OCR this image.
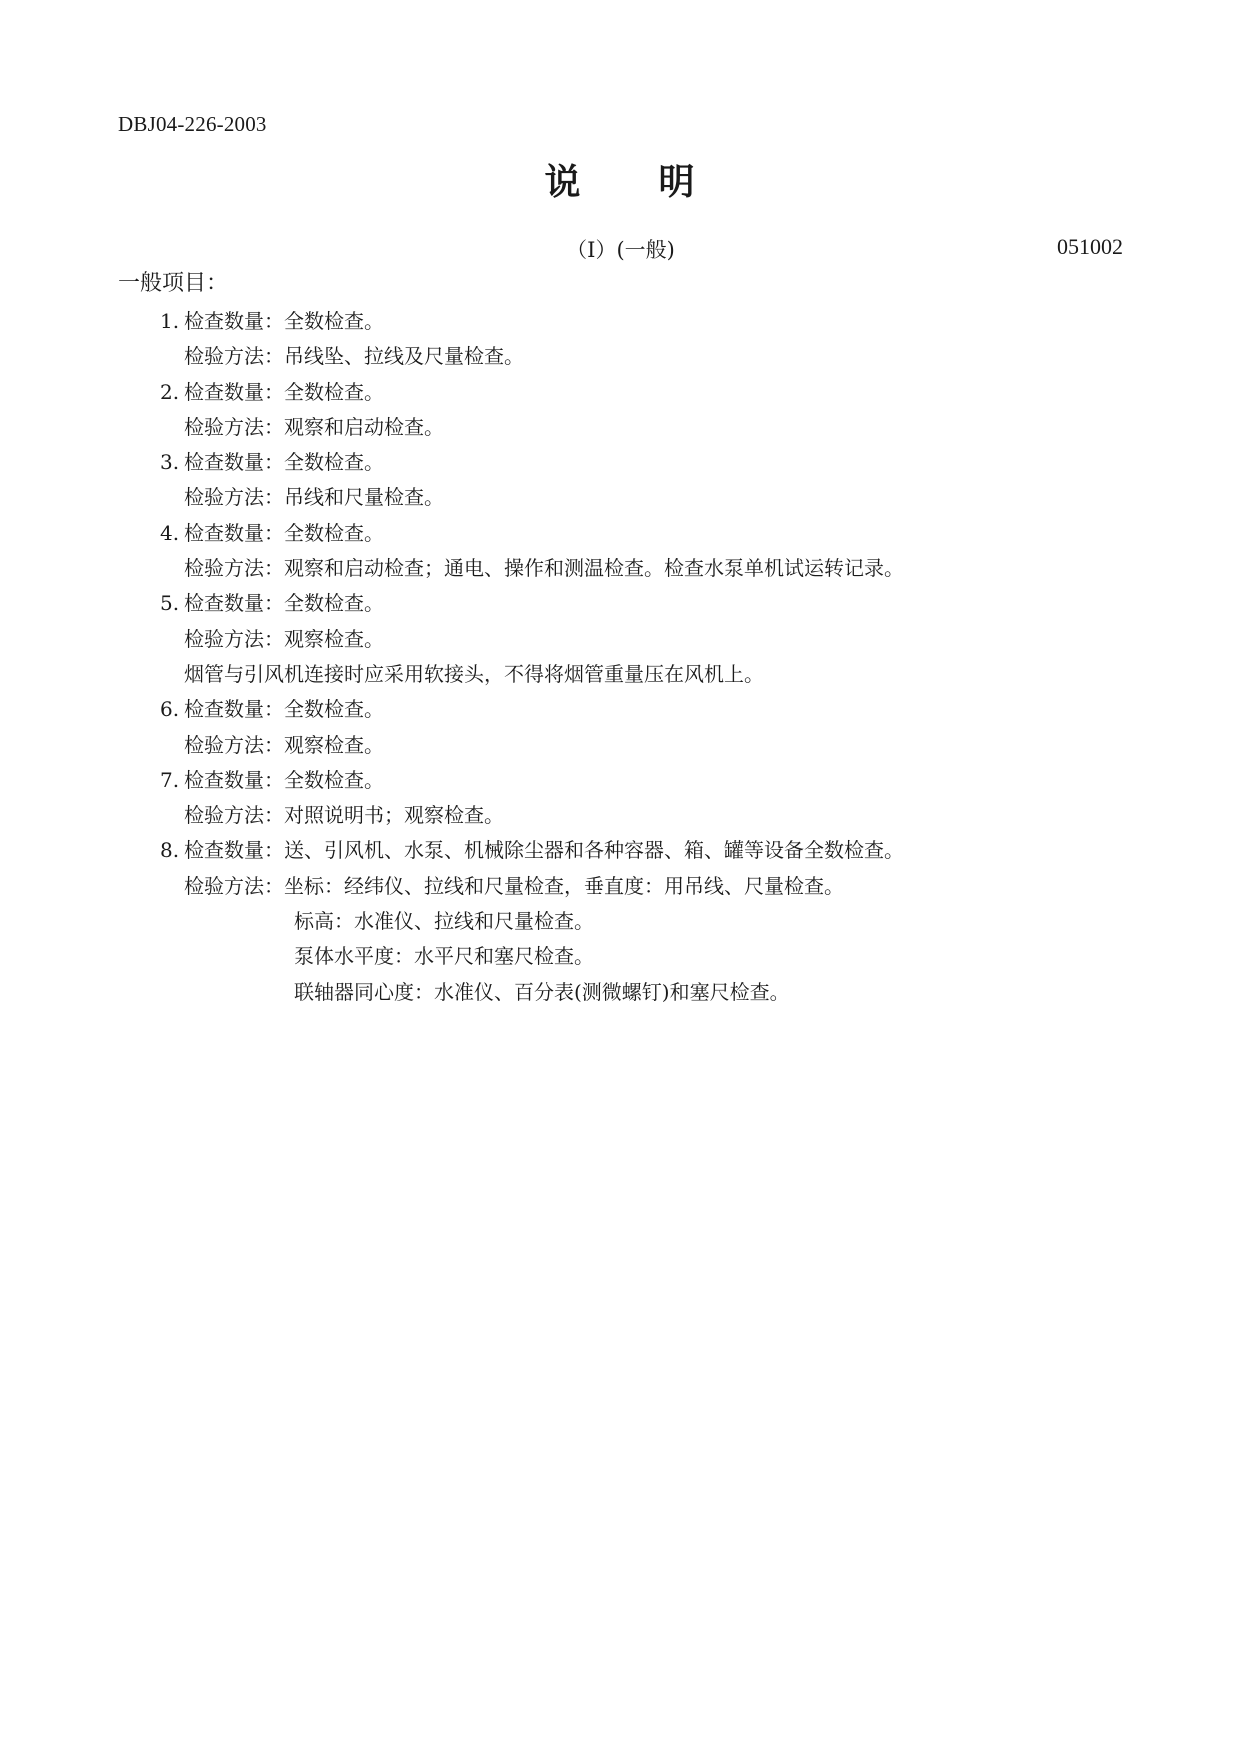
DBJ04-226-2003
说　　明
（Ⅰ）(一般)	051002
一般项目：
1. 检查数量：全数检查。
检验方法：吊线坠、拉线及尺量检查。
2. 检查数量：全数检查。
检验方法：观察和启动检查。
3. 检查数量：全数检查。
检验方法：吊线和尺量检查。
4. 检查数量：全数检查。
检验方法：观察和启动检查；通电、操作和测温检查。检查水泵单机试运转记录。
5. 检查数量：全数检查。
检验方法：观察检查。
烟管与引风机连接时应采用软接头，不得将烟管重量压在风机上。
6. 检查数量：全数检查。
检验方法：观察检查。
7. 检查数量：全数检查。
检验方法：对照说明书；观察检查。
8. 检查数量：送、引风机、水泵、机械除尘器和各种容器、箱、罐等设备全数检查。
检验方法：坐标：经纬仪、拉线和尺量检查，垂直度：用吊线、尺量检查。
标高：水准仪、拉线和尺量检查。
泵体水平度：水平尺和塞尺检查。
联轴器同心度：水准仪、百分表(测微螺钉)和塞尺检查。
